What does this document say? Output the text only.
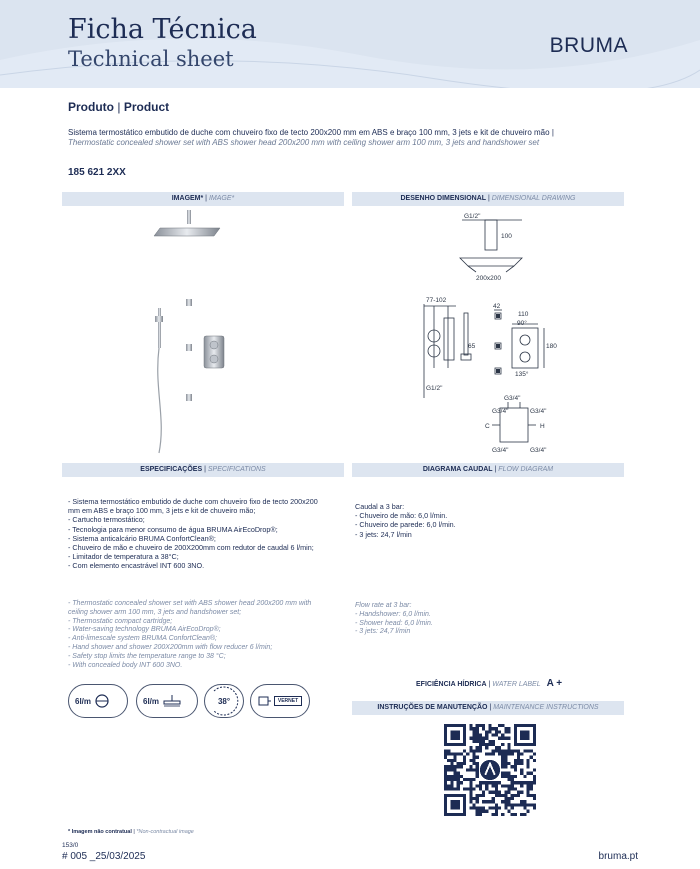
Ficha Técnica
Technical sheet
BRUMA
Produto | Product
Sistema termostático embutido de duche com chuveiro fixo de tecto 200x200 mm em ABS e braço 100 mm, 3 jets e kit de chuveiro mão | Thermostatic concealed shower set with ABS shower head 200x200 mm with ceiling shower arm 100 mm, 3 jets and handshower set
185 621 2XX
IMAGEM* | IMAGE*	DESENHO DIMENSIONAL | DIMENSIONAL DRAWING
ESPECIFICAÇÕES | SPECIFICATIONS	DIAGRAMA CAUDAL | FLOW DIAGRAM
INSTRUÇÕES DE MANUTENÇÃO | MAINTENANCE INSTRUCTIONS
G1/2"
100
200x200
77-102
42
110
90°
180
135°
65
G1/2"
G3/4"
G3/4"	G3/4"
G3/4"	G3/4"
C	H
- Sistema termostático embutido de duche com chuveiro fixo de tecto 200x200 mm em ABS e braço 100 mm, 3 jets e kit de chuveiro mão;
- Cartucho termostático;
- Tecnologia para menor consumo de água BRUMA AirEcoDrop®;
- Sistema anticalcário BRUMA ConfortClean®;
- Chuveiro de mão e chuveiro de 200X200mm com redutor de caudal 6 l/min;
- Limitador de temperatura a 38°C;
- Com elemento encastrável INT 600 3NO.
- Thermostatic concealed shower set with ABS shower head 200x200 mm with ceiling shower arm 100 mm, 3 jets and handshower set;
- Thermostatic compact cartridge;
- Water-saving technology BRUMA AirEcoDrop®;
- Anti-limescale system BRUMA ConfortClean®;
- Hand shower and shower 200X200mm with flow reducer 6 l/min;
- Safety stop limits the temperature range to 38 °C;
- With concealed body INT 600 3NO.
Caudal a 3 bar:
- Chuveiro de mão: 6,0 l/min.
- Chuveiro de parede: 6,0 l/min.
- 3 jets: 24,7 l/min
Flow rate at 3 bar:
- Handshower: 6,0 l/min.
- Shower head: 6,0 l/min.
- 3 jets: 24,7 l/min
6l/m	6l/m	38°	VERNET
EFICIÊNCIA HÍDRICA | WATER LABEL A +
* Imagem não contratual | *Non-contractual image
153/0
# 005 _25/03/2025	bruma.pt
